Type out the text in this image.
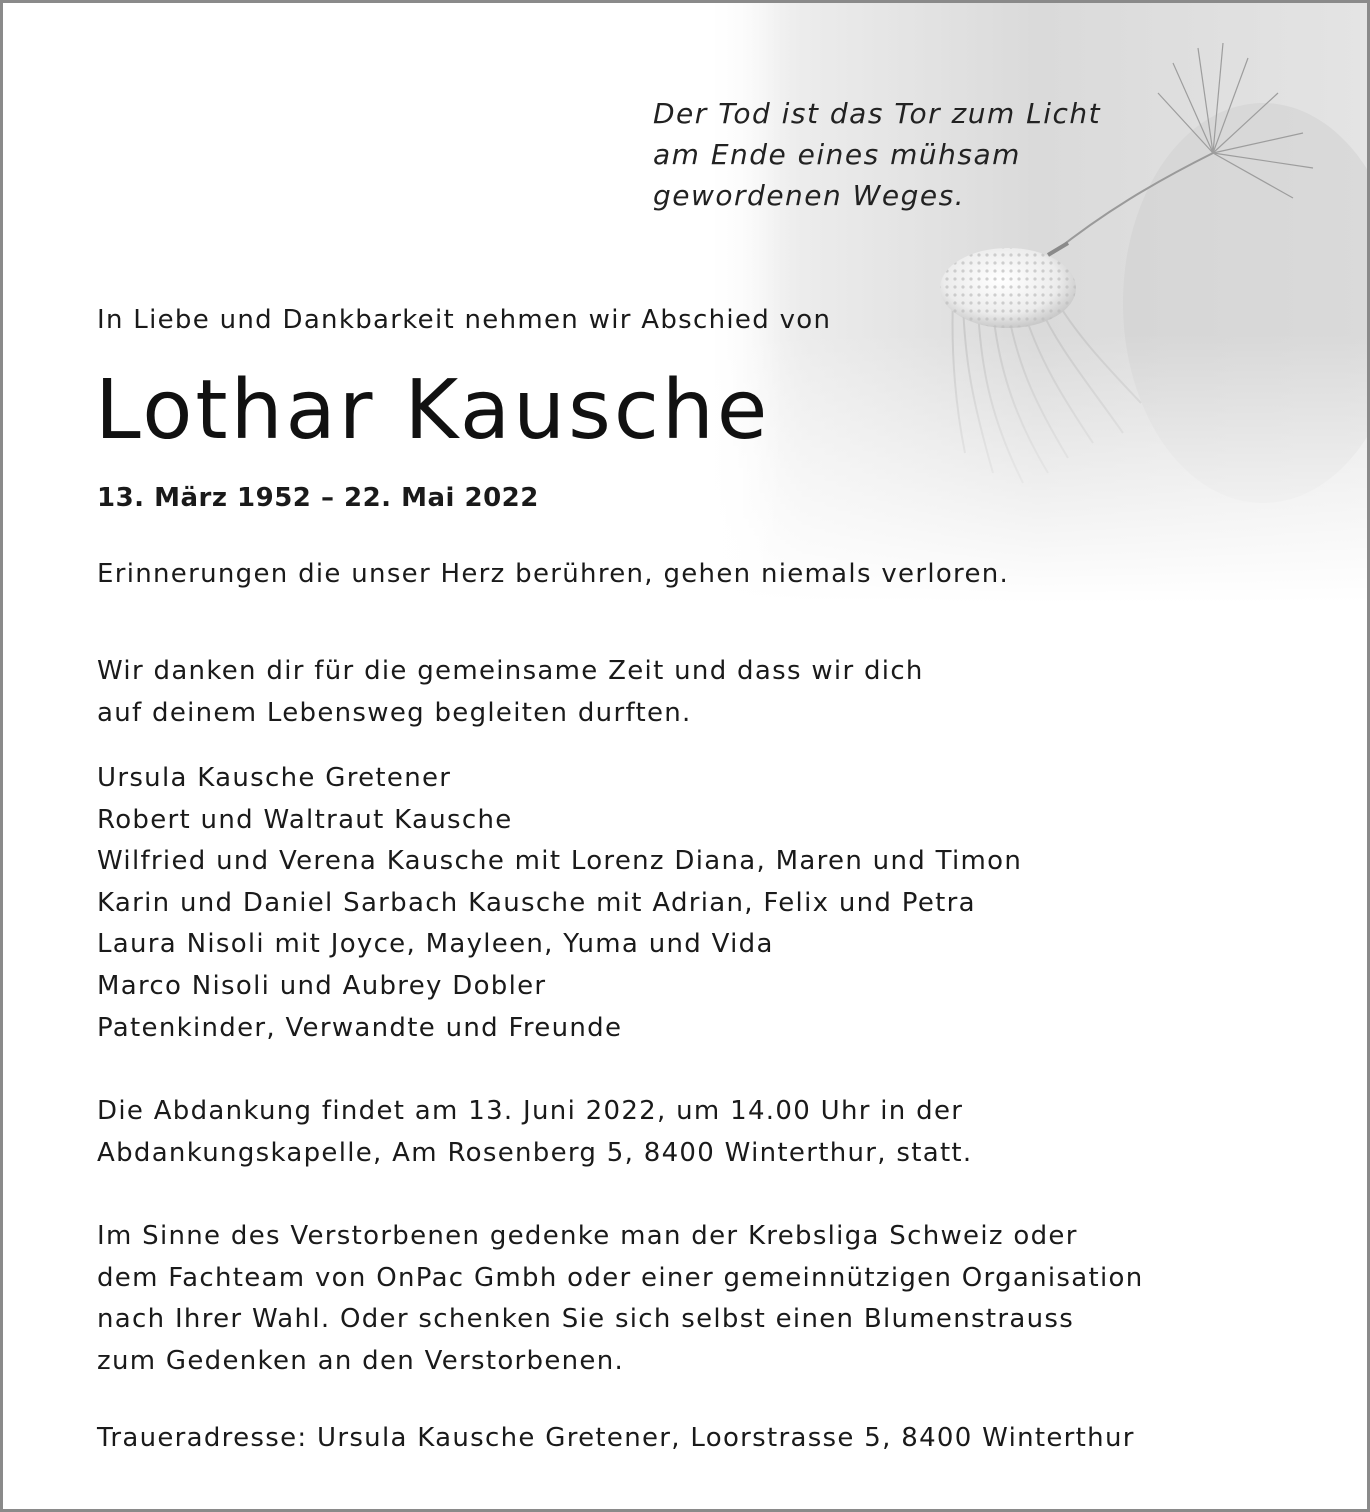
Der Tod ist das Tor zum Licht
am Ende eines mühsam
gewordenen Weges.
In Liebe und Dankbarkeit nehmen wir Abschied von
Lothar Kausche
13. März 1952 – 22. Mai 2022
Erinnerungen die unser Herz berühren, gehen niemals verloren.
Wir danken dir für die gemeinsame Zeit und dass wir dich
auf deinem Lebensweg begleiten durften.
Ursula Kausche Gretener
Robert und Waltraut Kausche
Wilfried und Verena Kausche mit Lorenz Diana, Maren und Timon
Karin und Daniel Sarbach Kausche mit Adrian, Felix und Petra
Laura Nisoli mit Joyce, Mayleen, Yuma und Vida
Marco Nisoli und Aubrey Dobler
Patenkinder, Verwandte und Freunde
Die Abdankung findet am 13. Juni 2022, um 14.00 Uhr in der
Abdankungskapelle, Am Rosenberg 5, 8400 Winterthur, statt.
Im Sinne des Verstorbenen gedenke man der Krebsliga Schweiz oder
dem Fachteam von OnPac Gmbh oder einer gemeinnützigen Organisation
nach Ihrer Wahl. Oder schenken Sie sich selbst einen Blumenstrauss
zum Gedenken an den Verstorbenen.
Traueradresse: Ursula Kausche Gretener, Loorstrasse 5, 8400 Winterthur
